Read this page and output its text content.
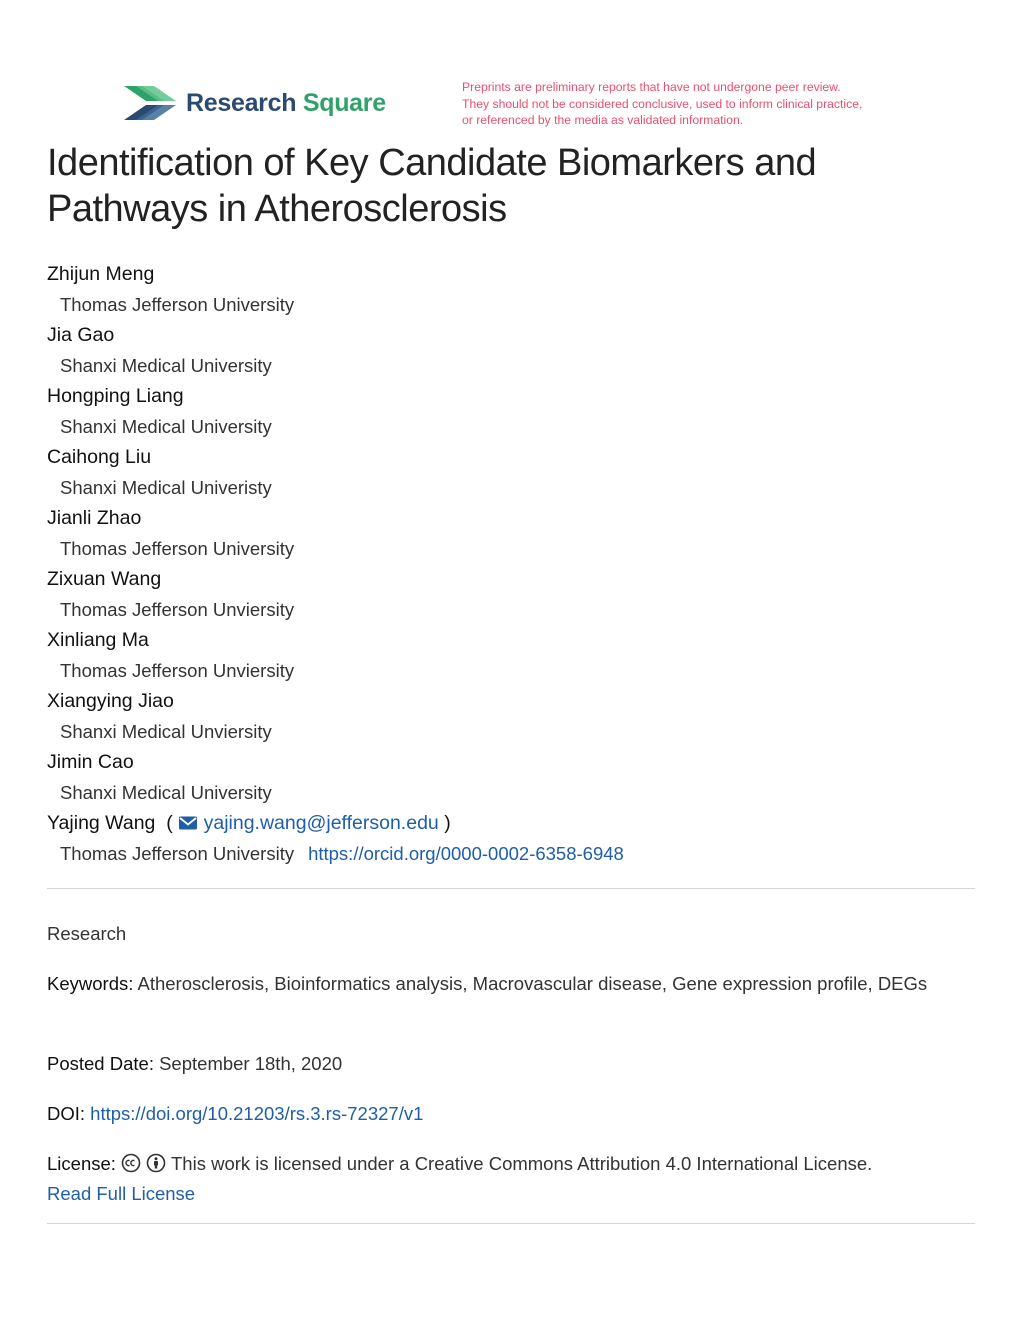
Research Square
Preprints are preliminary reports that have not undergone peer review.
They should not be considered conclusive, used to inform clinical practice,
or referenced by the media as validated information.
Identification of Key Candidate Biomarkers and Pathways in Atherosclerosis
Zhijun Meng
Thomas Jefferson University
Jia Gao
Shanxi Medical University
Hongping Liang
Shanxi Medical University
Caihong Liu
Shanxi Medical Univeristy
Jianli Zhao
Thomas Jefferson University
Zixuan Wang
Thomas Jefferson Unviersity
Xinliang Ma
Thomas Jefferson Unviersity
Xiangying Jiao
Shanxi Medical Unviersity
Jimin Cao
Shanxi Medical University
Yajing Wang ( yajing.wang@jefferson.edu )
Thomas Jefferson University https://orcid.org/0000-0002-6358-6948
Research
Keywords: Atherosclerosis, Bioinformatics analysis, Macrovascular disease, Gene expression profile, DEGs
Posted Date: September 18th, 2020
DOI: https://doi.org/10.21203/rs.3.rs-72327/v1
License:	This work is licensed under a Creative Commons Attribution 4.0 International License.
Read Full License
